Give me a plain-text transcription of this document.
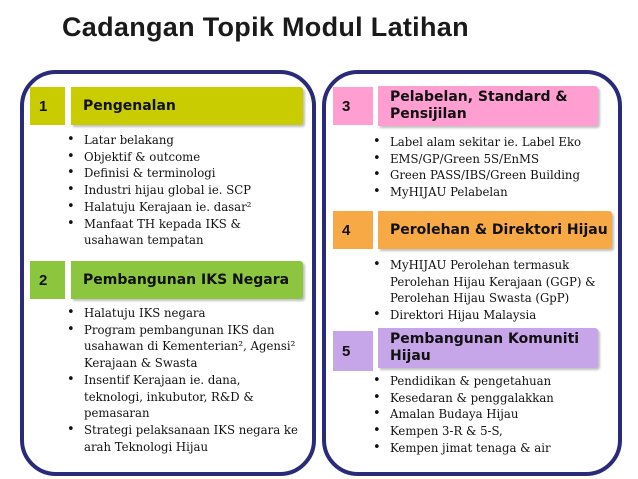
Cadangan Topik Modul Latihan
1	Pengenalan
• Latar belakang
• Objektif & outcome
• Definisi & terminologi
• Industri hijau global ie. SCP
• Halatuju Kerajaan ie. dasar²
• Manfaat TH kepada IKS & usahawan tempatan
2	Pembangunan IKS Negara
• Halatuju IKS negara
• Program pembangunan IKS dan usahawan di Kementerian², Agensi² Kerajaan & Swasta
• Insentif Kerajaan ie. dana, teknologi, inkubutor, R&D & pemasaran
• Strategi pelaksanaan IKS negara ke arah Teknologi Hijau
3
Pelabelan, Standard & Pensijilan
• Label alam sekitar ie. Label Eko
• EMS/GP/Green 5S/EnMS
• Green PASS/IBS/Green Building
• MyHIJAU Pelabelan
4	Perolehan & Direktori Hijau
• MyHIJAU Perolehan termasuk Perolehan Hijau Kerajaan (GGP) & Perolehan Hijau Swasta (GpP)
• Direktori Hijau Malaysia
5
Pembangunan Komuniti Hijau
• Pendidikan & pengetahuan
• Kesedaran & penggalakkan
• Amalan Budaya Hijau
• Kempen 3-R & 5-S,
• Kempen jimat tenaga & air
